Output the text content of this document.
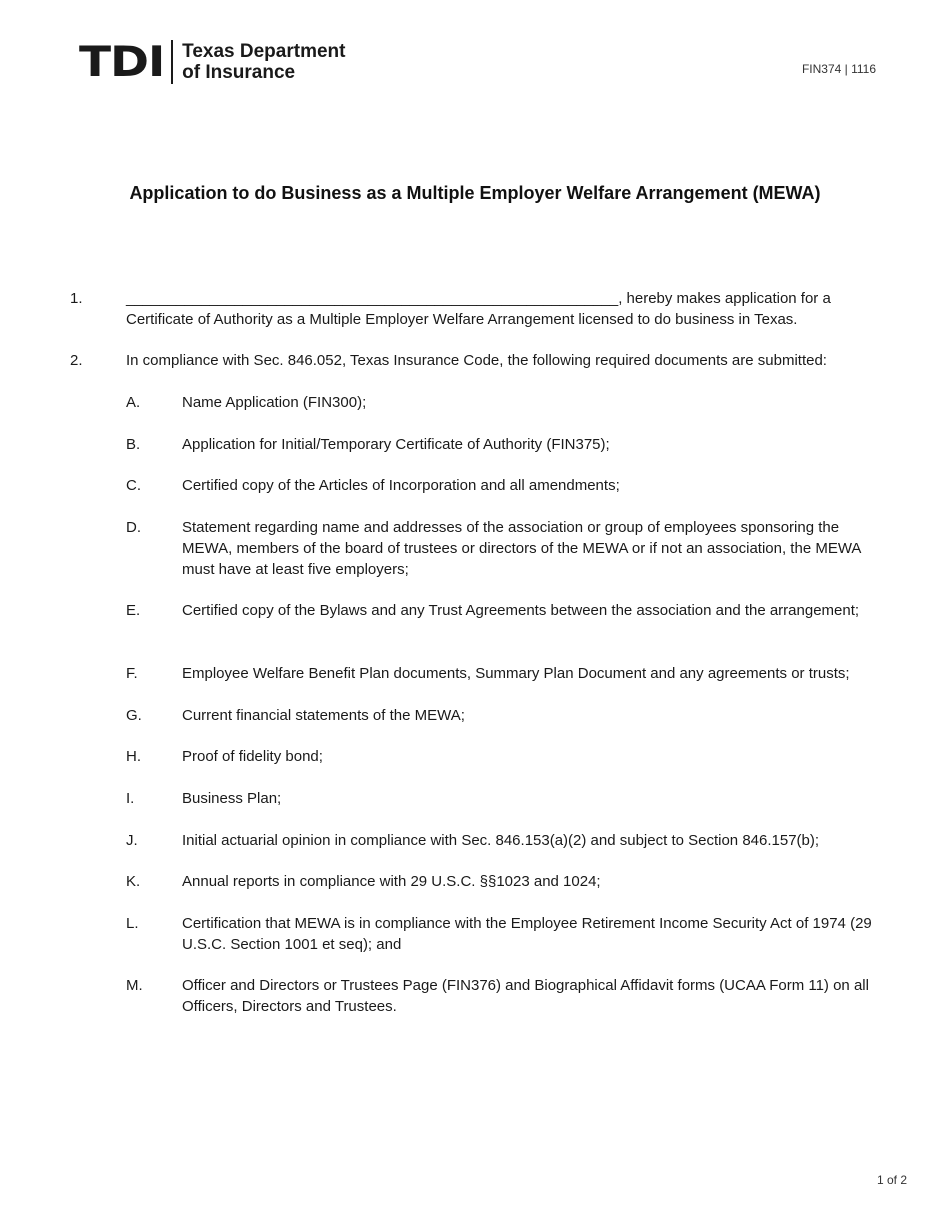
TDI Texas Department
of Insurance	FIN374 | 1116
Application to do Business as a Multiple Employer Welfare Arrangement (MEWA)
1.	___________________________________________________________, hereby makes application for a
Certificate of Authority as a Multiple Employer Welfare Arrangement licensed to do business in Texas.
2.	In compliance with Sec. 846.052, Texas Insurance Code, the following required documents are submitted:
A.	Name Application (FIN300);
B.	Application for Initial/Temporary Certificate of Authority (FIN375);
C.	Certified copy of the Articles of Incorporation and all amendments;
D.	Statement regarding name and addresses of the association or group of employees sponsoring the MEWA, members of the board of trustees or directors of the MEWA or if not an association, the MEWA must have at least five employers;
E.	Certified copy of the Bylaws and any Trust Agreements between the association and the arrangement;
F.	Employee Welfare Benefit Plan documents, Summary Plan Document and any agreements or trusts;
G.	Current financial statements of the MEWA;
H.	Proof of fidelity bond;
I.	Business Plan;
J.	Initial actuarial opinion in compliance with Sec. 846.153(a)(2) and subject to Section 846.157(b);
K.	Annual reports in compliance with 29 U.S.C. §§1023 and 1024;
L.	Certification that MEWA is in compliance with the Employee Retirement Income Security Act of 1974 (29 U.S.C. Section 1001 et seq); and
M.	Officer and Directors or Trustees Page (FIN376) and Biographical Affidavit forms (UCAA Form 11) on all Officers, Directors and Trustees.
1 of 2
